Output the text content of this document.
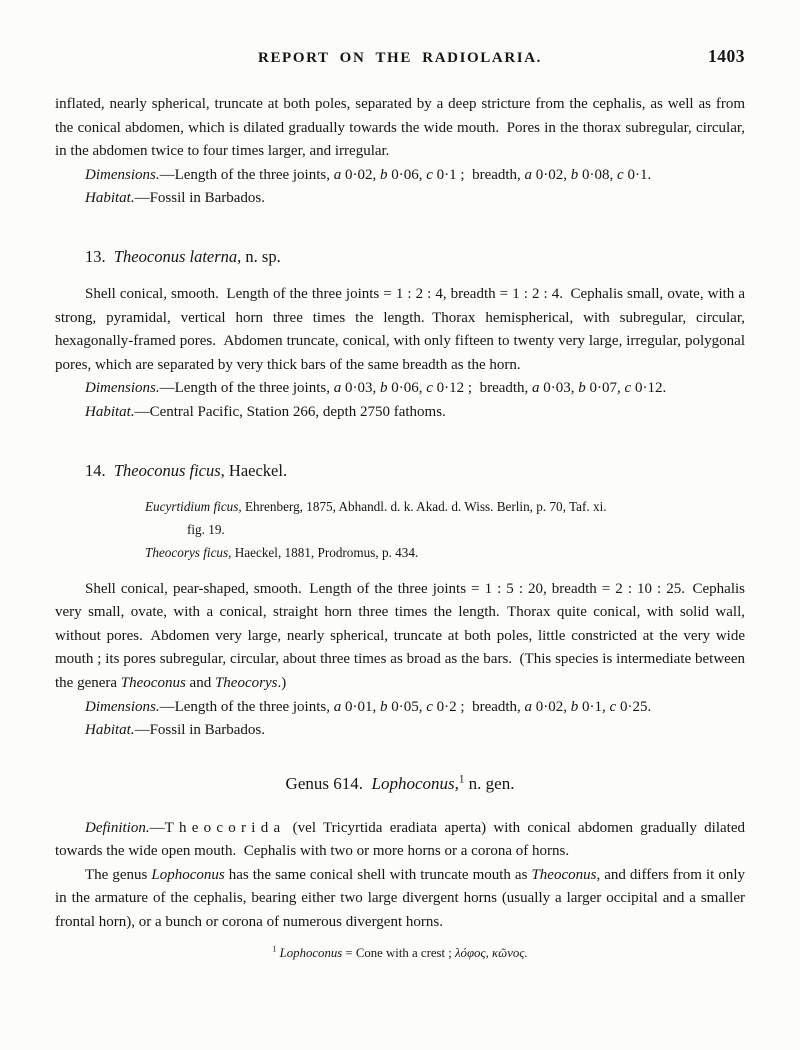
REPORT ON THE RADIOLARIA.	1403

inflated, nearly spherical, truncate at both poles, separated by a deep stricture from the cephalis, as well as from the conical abdomen, which is dilated gradually towards the wide mouth. Pores in the thorax subregular, circular, in the abdomen twice to four times larger, and irregular.

Dimensions.—Length of the three joints, a 0·02, b 0·06, c 0·1 ; breadth, a 0·02, b 0·08, c 0·1.

Habitat.—Fossil in Barbados.

13. Theoconus laterna, n. sp.

Shell conical, smooth. Length of the three joints = 1 : 2 : 4, breadth = 1 : 2 : 4. Cephalis small, ovate, with a strong, pyramidal, vertical horn three times the length. Thorax hemispherical, with subregular, circular, hexagonally-framed pores. Abdomen truncate, conical, with only fifteen to twenty very large, irregular, polygonal pores, which are separated by very thick bars of the same breadth as the horn.

Dimensions.—Length of the three joints, a 0·03, b 0·06, c 0·12 ; breadth, a 0·03, b 0·07, c 0·12.

Habitat.—Central Pacific, Station 266, depth 2750 fathoms.

14. Theoconus ficus, Haeckel.

Eucyrtidium ficus, Ehrenberg, 1875, Abhandl. d. k. Akad. d. Wiss. Berlin, p. 70, Taf. xi.

fig. 19.

Theocorys ficus, Haeckel, 1881, Prodromus, p. 434.

Shell conical, pear-shaped, smooth. Length of the three joints = 1 : 5 : 20, breadth = 2 : 10 : 25. Cephalis very small, ovate, with a conical, straight horn three times the length. Thorax quite conical, with solid wall, without pores. Abdomen very large, nearly spherical, truncate at both poles, little constricted at the very wide mouth ; its pores subregular, circular, about three times as broad as the bars. (This species is intermediate between the genera Theoconus and Theocorys.)

Dimensions.—Length of the three joints, a 0·01, b 0·05, c 0·2 ; breadth, a 0·02, b 0·1, c 0·25.

Habitat.—Fossil in Barbados.

Genus 614. Lophoconus,$^1$ n. gen.

Definition.—Theocorida (vel Tricyrtida eradiata aperta) with conical abdomen gradually dilated towards the wide open mouth. Cephalis with two or more horns or a corona of horns.

The genus Lophoconus has the same conical shell with truncate mouth as Theoconus, and differs from it only in the armature of the cephalis, bearing either two large divergent horns (usually a larger occipital and a smaller frontal horn), or a bunch or corona of numerous divergent horns.

$^1$ Lophoconus = Cone with a crest ; λόφος, κῶνος.
